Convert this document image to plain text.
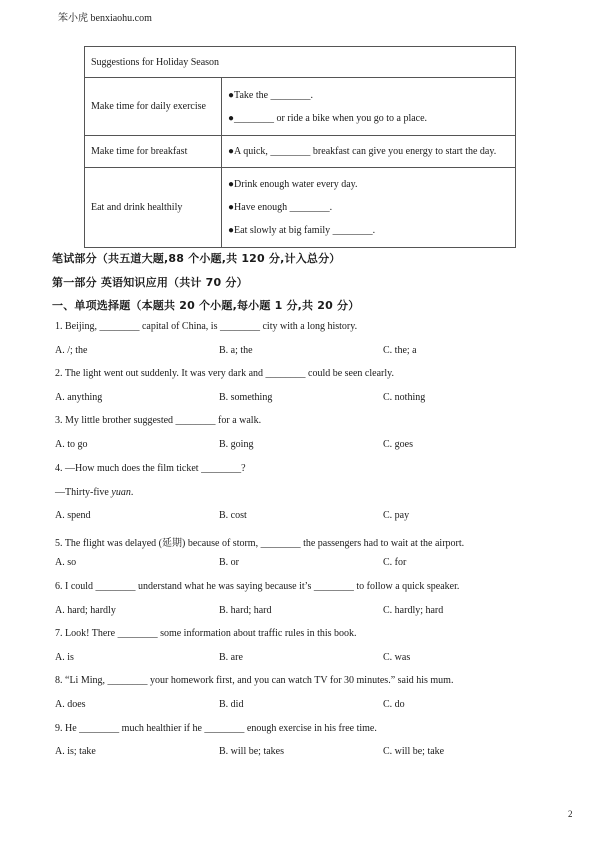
笨小虎 benxiaohu.com
Suggestions for Holiday Season	
Make time for daily exercise	●Take the ________.
●________ or ride a bike when you go to a place.

Make time for breakfast	●A quick, ________ breakfast can give you energy to start the day.

Eat and drink healthily	●Drink enough water every day.
●Have enough ________.
●Eat slowly at big family ________.
笔试部分（共五道大题,88 个小题,共 120 分,计入总分）
第一部分 英语知识应用（共计 70 分）
一、单项选择题（本题共 20 个小题,每小题 1 分,共 20 分）
1. Beijing, ________ capital of China, is ________ city with a long history.
A. /; the	B. a; the	C. the; a
2. The light went out suddenly. It was very dark and ________ could be seen clearly.
A. anything	B. something	C. nothing
3. My little brother suggested ________ for a walk.
A. to go	B. going	C. goes
4. —How much does the film ticket ________?
—Thirty-five yuan.
A. spend	B. cost	C. pay
5. The flight was delayed (延期) because of storm, ________ the passengers had to wait at the airport.
A. so	B. or	C. for
6. I could ________ understand what he was saying because it’s ________ to follow a quick speaker.
A. hard; hardly	B. hard; hard	C. hardly; hard
7. Look! There ________ some information about traffic rules in this book.
A. is	B. are	C. was
8. “Li Ming, ________ your homework first, and you can watch TV for 30 minutes.” said his mum.
A. does	B. did	C. do
9. He ________ much healthier if he ________ enough exercise in his free time.
A. is; take	B. will be; takes	C. will be; take
2
